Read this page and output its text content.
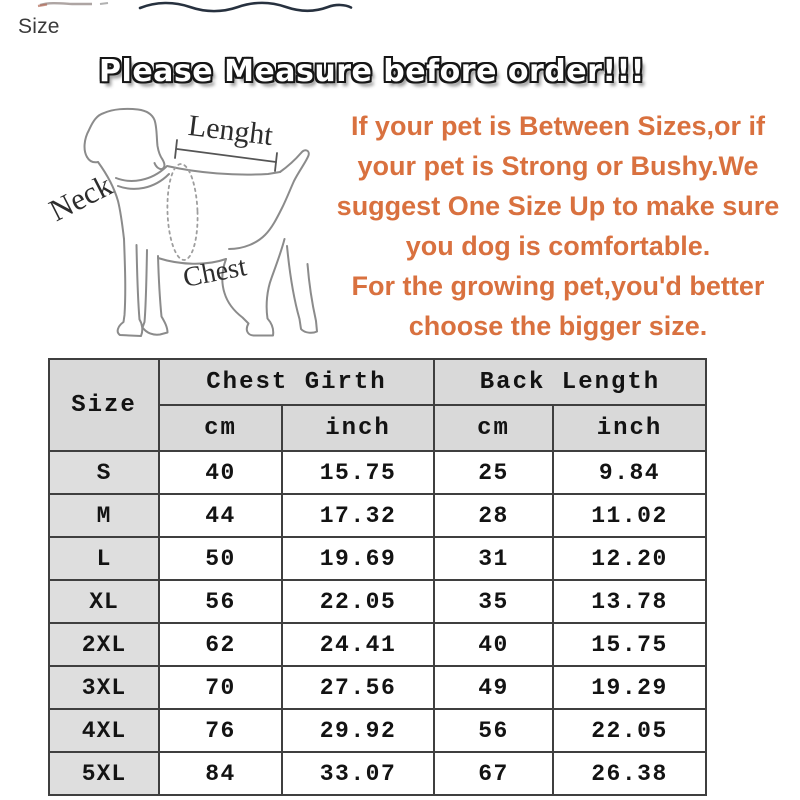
Size
Please Measure before order!!!
Neck
Lenght
Chest
If your pet is Between Sizes,or if
your pet is Strong or Bushy.We
suggest One Size Up to make sure
you dog is comfortable.
For the growing pet,you'd better
choose the bigger size.
Size	Chest Girth		Back Length	
	cm	inch	cm	inch
S	40	15.75	25	9.84
M	44	17.32	28	11.02
L	50	19.69	31	12.20
XL	56	22.05	35	13.78
2XL	62	24.41	40	15.75
3XL	70	27.56	49	19.29
4XL	76	29.92	56	22.05
5XL	84	33.07	67	26.38
